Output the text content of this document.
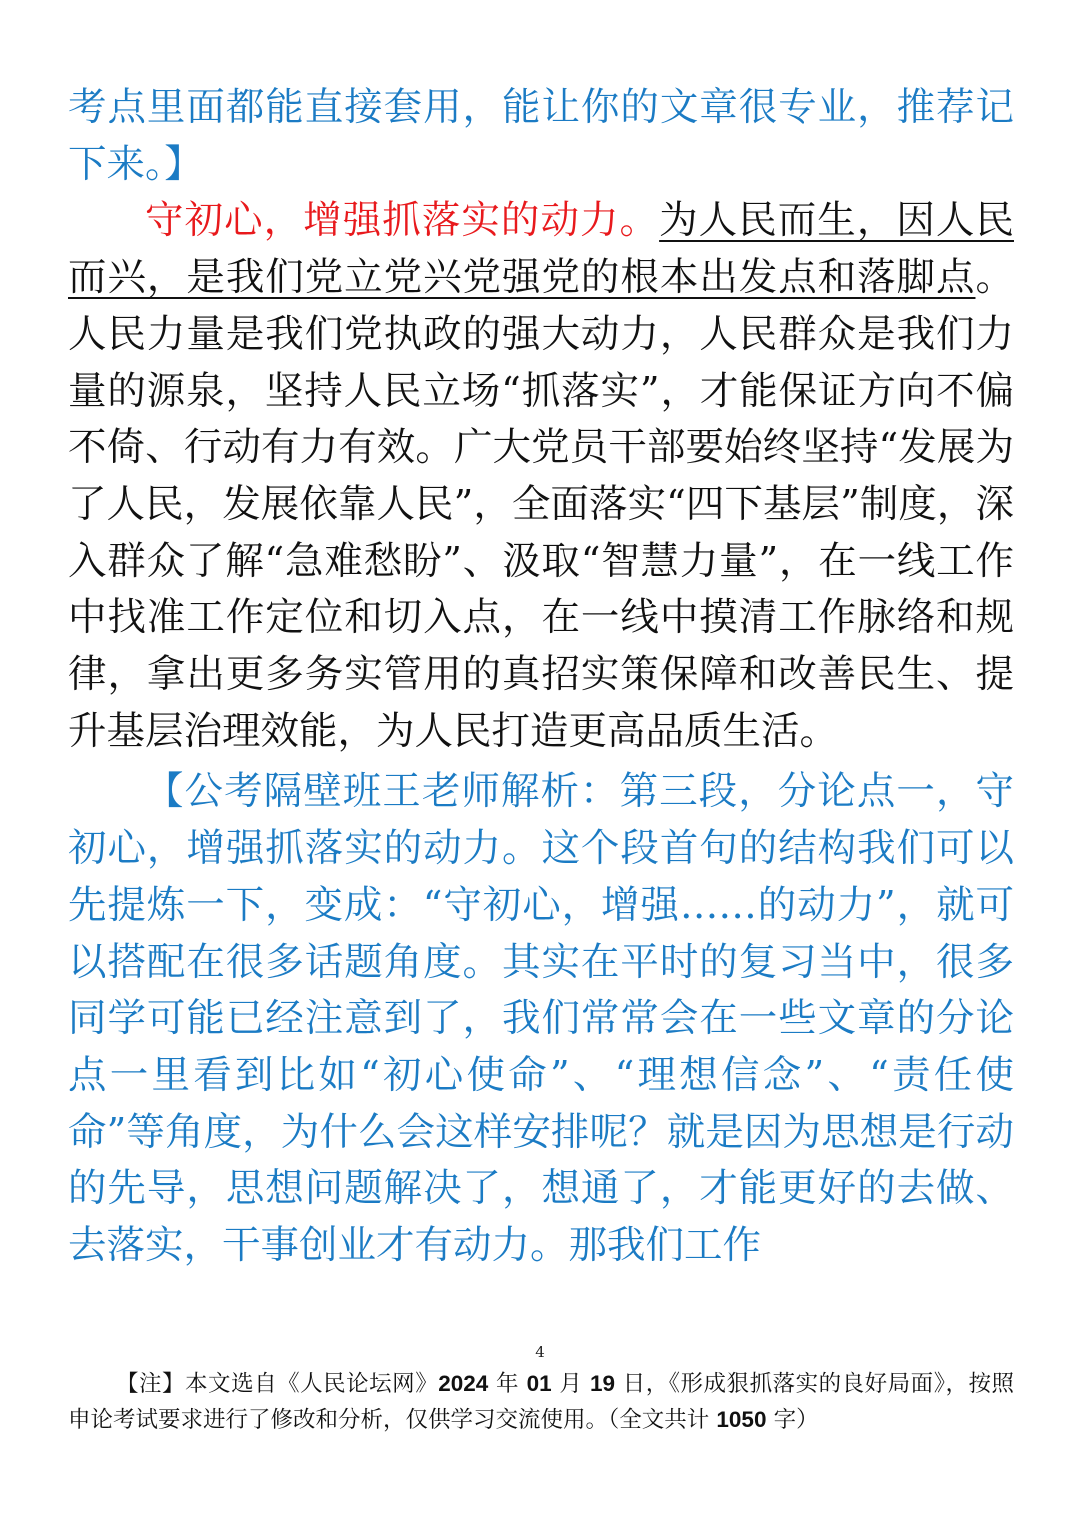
考点里面都能直接套用，能让你的文章很专业，推荐记下来。】

守初心，增强抓落实的动力。为人民而生，因人民而兴，是我们党立党兴党强党的根本出发点和落脚点。人民力量是我们党执政的强大动力，人民群众是我们力量的源泉，坚持人民立场“抓落实”，才能保证方向不偏不倚、行动有力有效。广大党员干部要始终坚持“发展为了人民，发展依靠人民”，全面落实“四下基层”制度，深入群众了解“急难愁盼”、汲取“智慧力量”，在一线工作中找准工作定位和切入点，在一线中摸清工作脉络和规律，拿出更多务实管用的真招实策保障和改善民生、提升基层治理效能，为人民打造更高品质生活。

【公考隔壁班王老师解析：第三段，分论点一，守初心，增强抓落实的动力。这个段首句的结构我们可以先提炼一下，变成：“守初心，增强……的动力”，就可以搭配在很多话题角度。其实在平时的复习当中，很多同学可能已经注意到了，我们常常会在一些文章的分论点一里看到比如“初心使命”、“理想信念”、“责任使命”等角度，为什么会这样安排呢？就是因为思想是行动的先导，思想问题解决了，想通了，才能更好的去做、去落实，干事创业才有动力。那我们工作

4

【注】本文选自《人民论坛网》2024 年 01 月 19 日，《形成狠抓落实的良好局面》，按照申论考试要求进行了修改和分析，仅供学习交流使用。（全文共计 1050 字）
